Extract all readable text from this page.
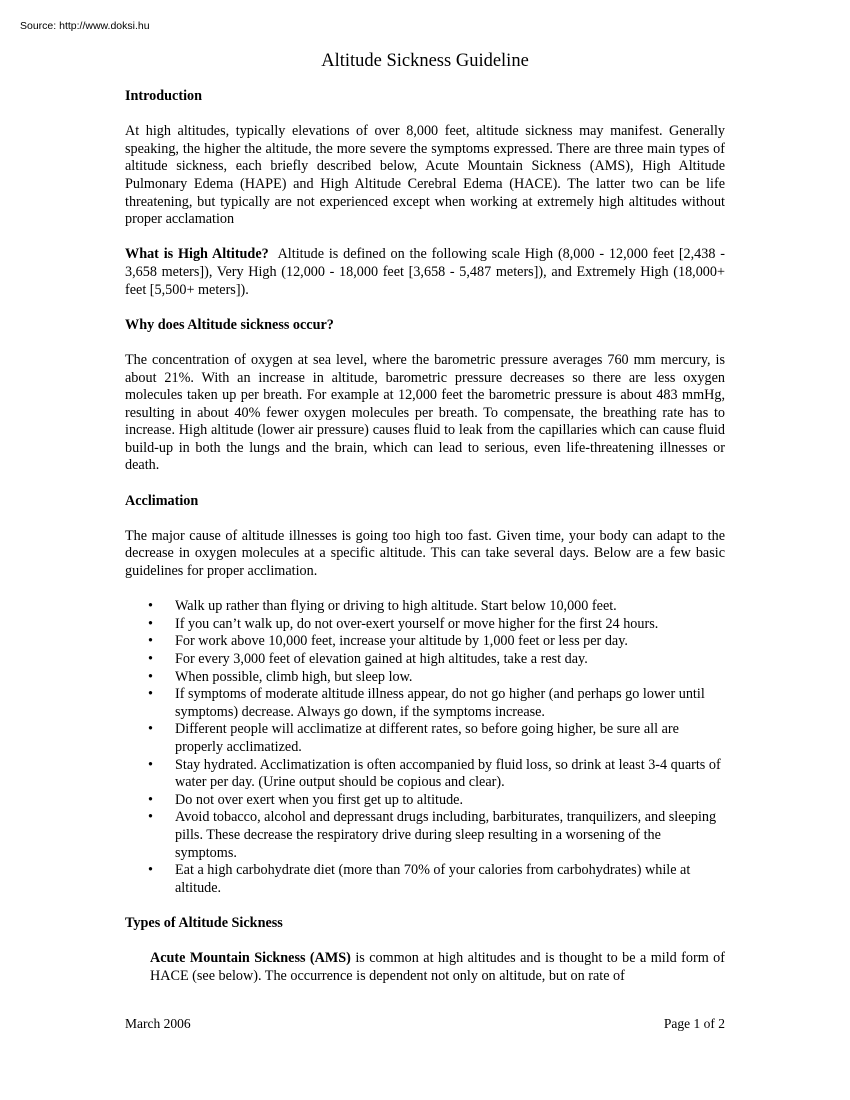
Source: http://www.doksi.hu
Altitude Sickness Guideline
Introduction

At high altitudes, typically elevations of over 8,000 feet, altitude sickness may manifest. Generally speaking, the higher the altitude, the more severe the symptoms expressed. There are three main types of altitude sickness, each briefly described below, Acute Mountain Sickness (AMS), High Altitude Pulmonary Edema (HAPE) and High Altitude Cerebral Edema (HACE). The latter two can be life threatening, but typically are not experienced except when working at extremely high altitudes without proper acclamation

What is High Altitude? Altitude is defined on the following scale High (8,000 - 12,000 feet [2,438 - 3,658 meters]), Very High (12,000 - 18,000 feet [3,658 - 5,487 meters]), and Extremely High (18,000+ feet [5,500+ meters]).

Why does Altitude sickness occur?

The concentration of oxygen at sea level, where the barometric pressure averages 760 mm mercury, is about 21%. With an increase in altitude, barometric pressure decreases so there are less oxygen molecules taken up per breath. For example at 12,000 feet the barometric pressure is about 483 mmHg, resulting in about 40% fewer oxygen molecules per breath. To compensate, the breathing rate has to increase. High altitude (lower air pressure) causes fluid to leak from the capillaries which can cause fluid build-up in both the lungs and the brain, which can lead to serious, even life-threatening illnesses or death.

Acclimation

The major cause of altitude illnesses is going too high too fast. Given time, your body can adapt to the decrease in oxygen molecules at a specific altitude. This can take several days. Below are a few basic guidelines for proper acclimation.

• Walk up rather than flying or driving to high altitude. Start below 10,000 feet.
• If you can’t walk up, do not over-exert yourself or move higher for the first 24 hours.
• For work above 10,000 feet, increase your altitude by 1,000 feet or less per day.
• For every 3,000 feet of elevation gained at high altitudes, take a rest day.
• When possible, climb high, but sleep low.
• If symptoms of moderate altitude illness appear, do not go higher (and perhaps go lower until symptoms) decrease. Always go down, if the symptoms increase.
• Different people will acclimatize at different rates, so before going higher, be sure all are properly acclimatized.
• Stay hydrated. Acclimatization is often accompanied by fluid loss, so drink at least 3-4 quarts of water per day. (Urine output should be copious and clear).
• Do not over exert when you first get up to altitude.
• Avoid tobacco, alcohol and depressant drugs including, barbiturates, tranquilizers, and sleeping pills. These decrease the respiratory drive during sleep resulting in a worsening of the symptoms.
• Eat a high carbohydrate diet (more than 70% of your calories from carbohydrates) while at altitude.
Types of Altitude Sickness

Acute Mountain Sickness (AMS) is common at high altitudes and is thought to be a mild form of HACE (see below). The occurrence is dependent not only on altitude, but on rate of

March 2006	Page 1 of 2
